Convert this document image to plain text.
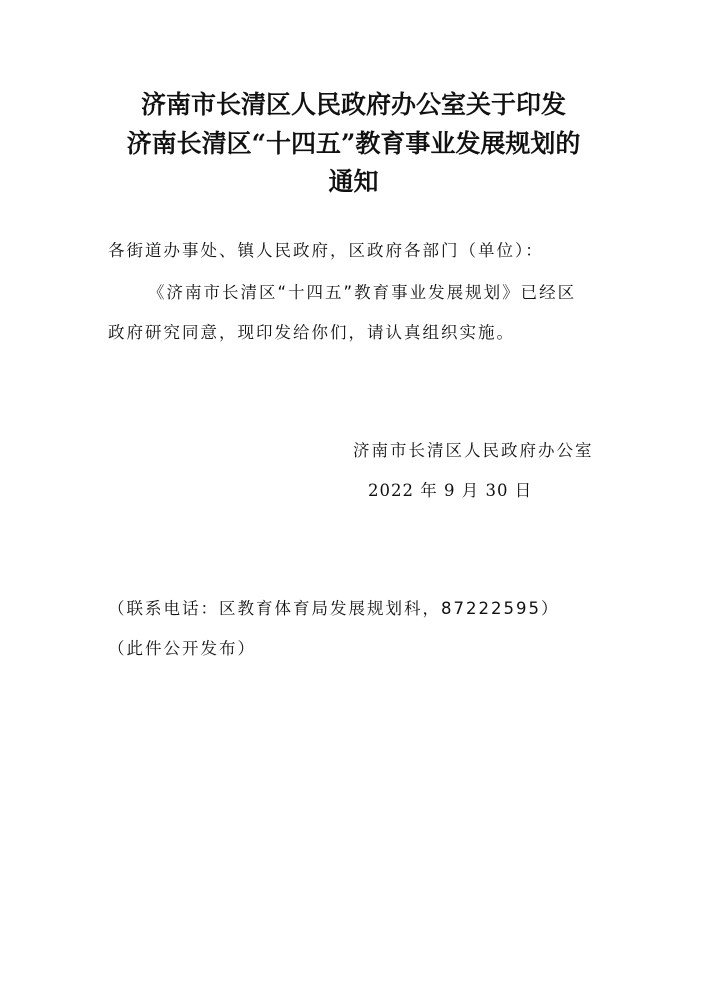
济南市长清区人民政府办公室关于印发
济南长清区“十四五”教育事业发展规划的
通知
各街道办事处、镇人民政府，区政府各部门（单位）：
《济南市长清区“十四五”教育事业发展规划》已经区
政府研究同意，现印发给你们，请认真组织实施。
济南市长清区人民政府办公室
2022 年 9 月 30 日
（联系电话：区教育体育局发展规划科，87222595）
（此件公开发布）
